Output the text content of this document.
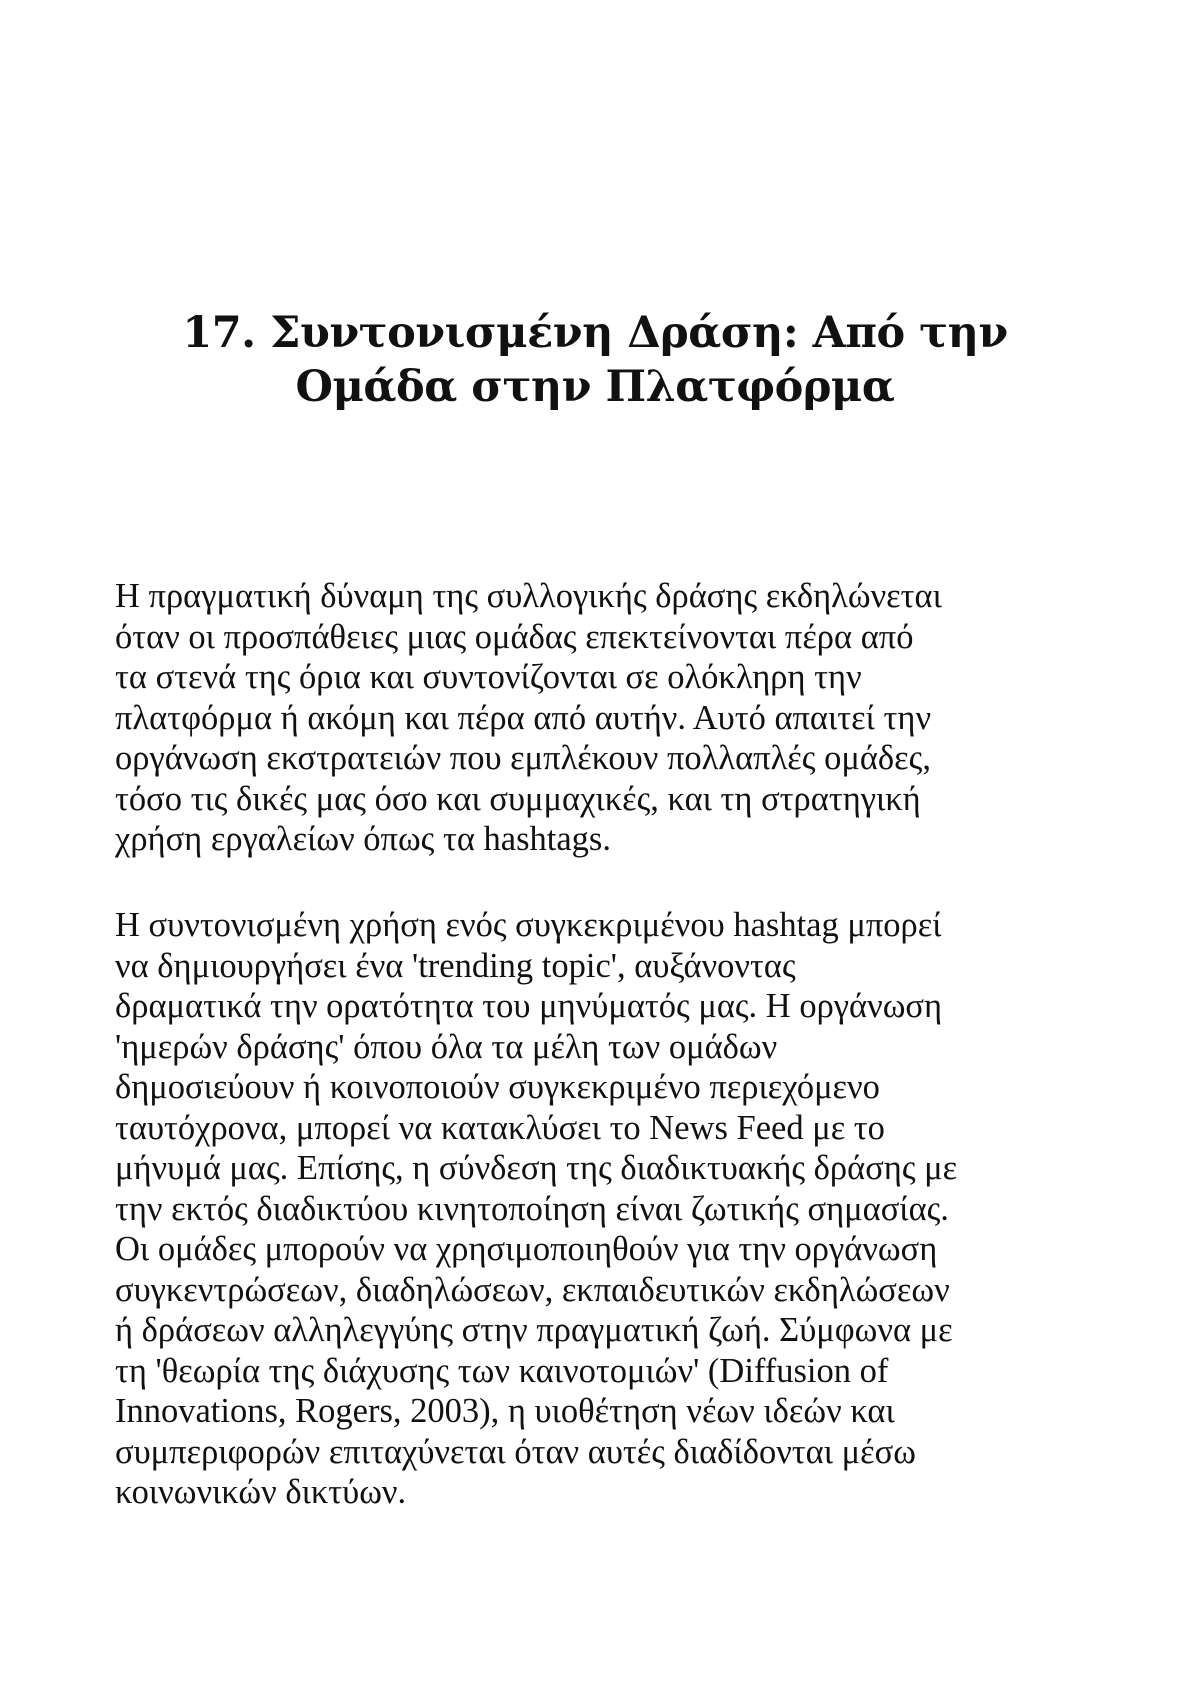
17. Συντονισμένη Δράση: Από την
Ομάδα στην Πλατφόρμα

Η πραγματική δύναμη της συλλογικής δράσης εκδηλώνεται
όταν οι προσπάθειες μιας ομάδας επεκτείνονται πέρα από
τα στενά της όρια και συντονίζονται σε ολόκληρη την
πλατφόρμα ή ακόμη και πέρα από αυτήν. Αυτό απαιτεί την
οργάνωση εκστρατειών που εμπλέκουν πολλαπλές ομάδες,
τόσο τις δικές μας όσο και συμμαχικές, και τη στρατηγική
χρήση εργαλείων όπως τα hashtags.

Η συντονισμένη χρήση ενός συγκεκριμένου hashtag μπορεί
να δημιουργήσει ένα 'trending topic', αυξάνοντας
δραματικά την ορατότητα του μηνύματός μας. Η οργάνωση
'ημερών δράσης' όπου όλα τα μέλη των ομάδων
δημοσιεύουν ή κοινοποιούν συγκεκριμένο περιεχόμενο
ταυτόχρονα, μπορεί να κατακλύσει το News Feed με το
μήνυμά μας. Επίσης, η σύνδεση της διαδικτυακής δράσης με
την εκτός διαδικτύου κινητοποίηση είναι ζωτικής σημασίας.
Οι ομάδες μπορούν να χρησιμοποιηθούν για την οργάνωση
συγκεντρώσεων, διαδηλώσεων, εκπαιδευτικών εκδηλώσεων
ή δράσεων αλληλεγγύης στην πραγματική ζωή. Σύμφωνα με
τη 'θεωρία της διάχυσης των καινοτομιών' (Diffusion of
Innovations, Rogers, 2003), η υιοθέτηση νέων ιδεών και
συμπεριφορών επιταχύνεται όταν αυτές διαδίδονται μέσω
κοινωνικών δικτύων.
